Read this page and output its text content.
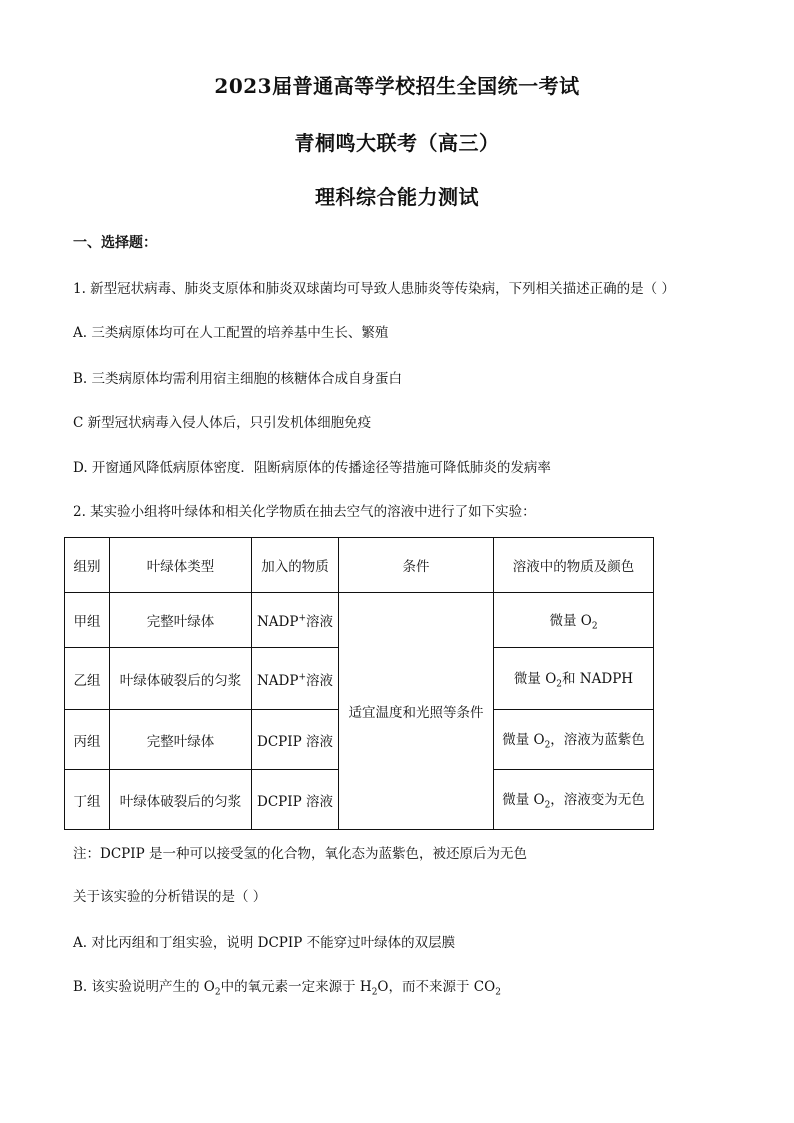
2023届普通高等学校招生全国统一考试
青桐鸣大联考（高三）
理科综合能力测试
一、选择题：
1. 新型冠状病毒、肺炎支原体和肺炎双球菌均可导致人患肺炎等传染病，下列相关描述正确的是（ ）
A. 三类病原体均可在人工配置的培养基中生长、繁殖
B. 三类病原体均需利用宿主细胞的核糖体合成自身蛋白
C 新型冠状病毒入侵人体后，只引发机体细胞免疫
D. 开窗通风降低病原体密度．阻断病原体的传播途径等措施可降低肺炎的发病率
2. 某实验小组将叶绿体和相关化学物质在抽去空气的溶液中进行了如下实验：
组别	叶绿体类型	加入的物质	条件	溶液中的物质及颜色
甲组	完整叶绿体	NADP+溶液	适宜温度和光照等条件	微量 $O_2$
乙组	叶绿体破裂后的匀浆	NADP+溶液		微量 $O_2$和 NADPH
丙组	完整叶绿体	DCPIP 溶液		微量 $O_2$，溶液为蓝紫色
丁组	叶绿体破裂后的匀浆	DCPIP 溶液		微量 $O_2$，溶液变为无色
注：DCPIP 是一种可以接受氢的化合物，氧化态为蓝紫色，被还原后为无色
关于该实验的分析错误的是（ ）
A. 对比丙组和丁组实验，说明 DCPIP 不能穿过叶绿体的双层膜
B. 该实验说明产生的 $O_2$中的氧元素一定来源于 $H_2O$，而不来源于 $CO_2$
